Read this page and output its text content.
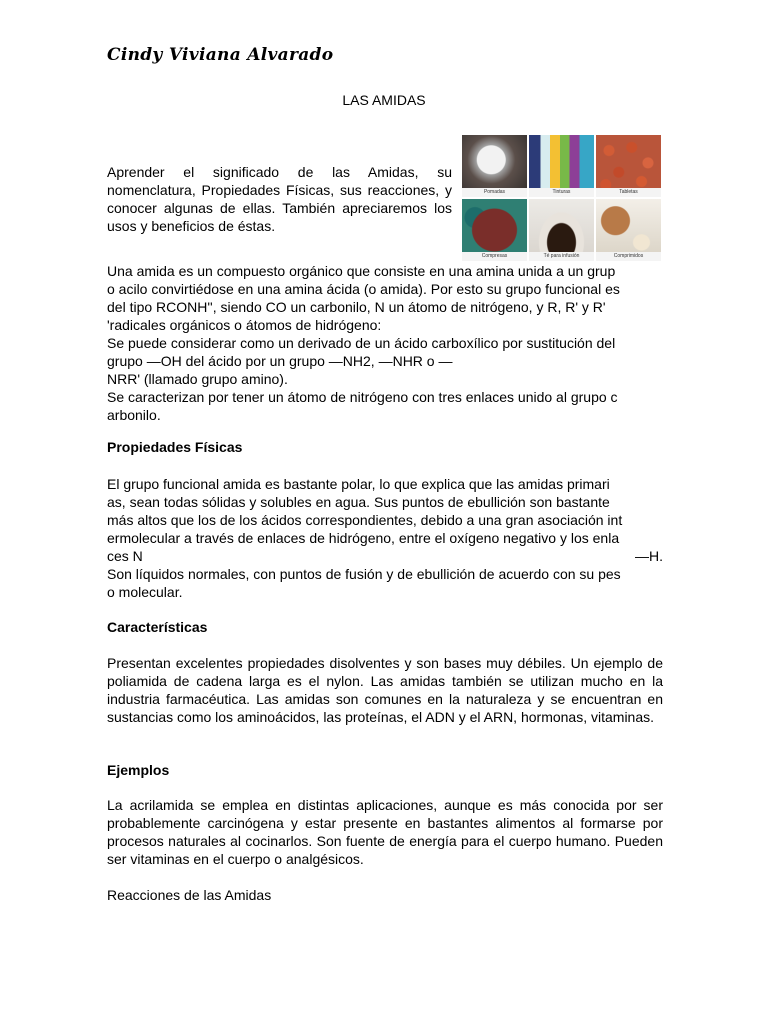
Cindy Viviana Alvarado
LAS AMIDAS
Aprender el significado de las Amidas, su nomenclatura, Propiedades Físicas, sus reacciones, y conocer algunas de ellas. También apreciaremos los usos y beneficios de éstas.
Pomadas	Tinturas	Tabletas
Compresas	Té para infusión	Comprimidos
Una amida es un compuesto orgánico que consiste en una amina unida a un grup
o acilo convirtiédose en una amina ácida (o amida). Por esto su grupo funcional es
del tipo RCONH'', siendo CO un carbonilo, N un átomo de nitrógeno, y R, R' y R'
'radicales orgánicos o átomos de hidrógeno:
Se puede considerar como un derivado de un ácido carboxílico por sustitución del
grupo —OH del ácido por un grupo —NH2, —NHR o —
NRR' (llamado grupo amino).
Se caracterizan por tener un átomo de nitrógeno con tres enlaces unido al grupo c
arbonilo.
Propiedades Físicas
El grupo funcional amida es bastante polar, lo que explica que las amidas primari
as, sean todas sólidas y solubles en agua. Sus puntos de ebullición son bastante
más altos que los de los ácidos correspondientes, debido a una gran asociación int
ermolecular a través de enlaces de hidrógeno, entre el oxígeno negativo y los enla
ces N	—H.
Son líquidos normales, con puntos de fusión y de ebullición de acuerdo con su pes
o molecular.
Características
Presentan excelentes propiedades disolventes y son bases muy débiles. Un ejemplo de poliamida de cadena larga es el nylon. Las amidas también se utilizan mucho en la industria farmacéutica. Las amidas son comunes en la naturaleza y se encuentran en sustancias como los aminoácidos, las proteínas, el ADN y el ARN, hormonas, vitaminas.
Ejemplos
La acrilamida se emplea en distintas aplicaciones, aunque es más conocida por ser probablemente carcinógena y estar presente en bastantes alimentos al formarse por procesos naturales al cocinarlos. Son fuente de energía para el cuerpo humano. Pueden ser vitaminas en el cuerpo o analgésicos.
Reacciones de las Amidas
